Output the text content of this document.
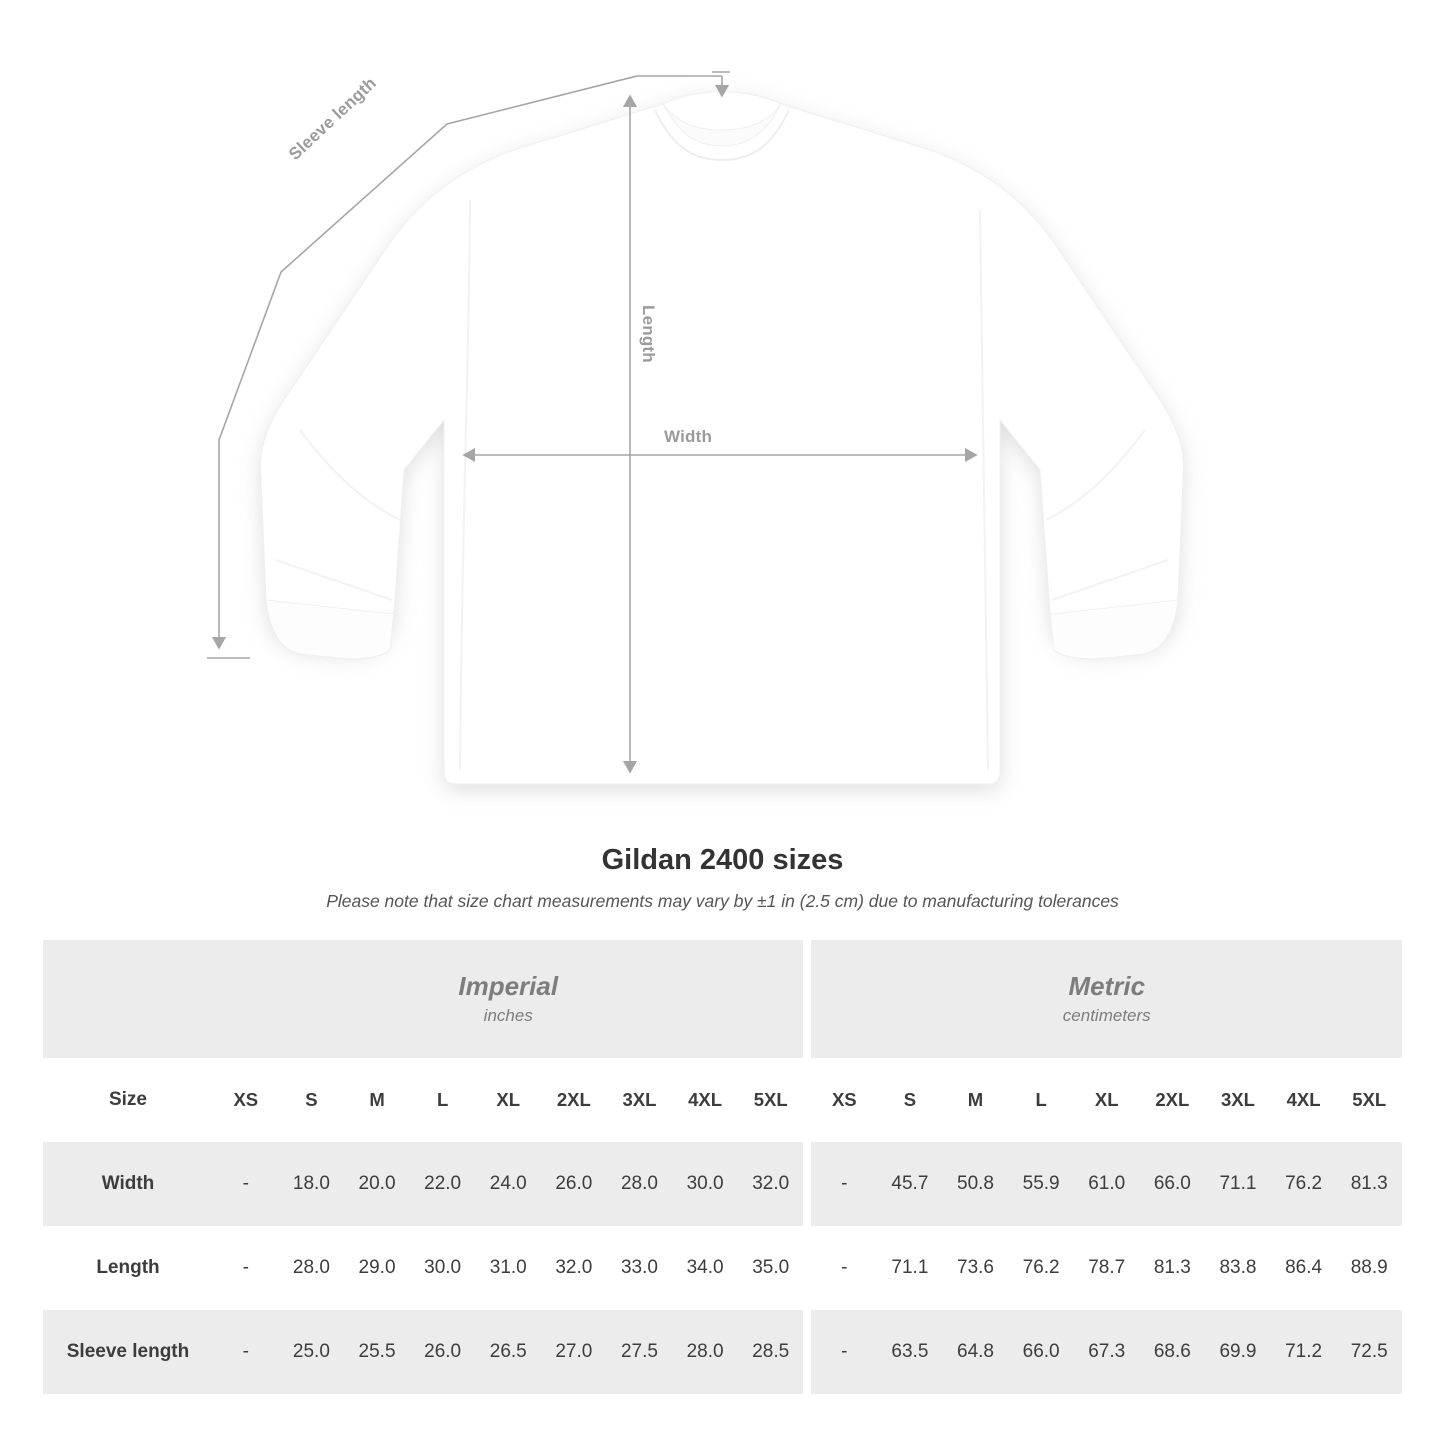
Sleeve length
Length
Width
Gildan 2400 sizes

Please note that size chart measurements may vary by ±1 in (2.5 cm) due to manufacturing tolerances

Imperial
inches

Metric
centimeters

Size	XS	S	M	L	XL	2XL	3XL	4XL	5XL		XS	S	M	L	XL	2XL	3XL	4XL	5XL
Width	-	18.0	20.0	22.0	24.0	26.0	28.0	30.0	32.0		-	45.7	50.8	55.9	61.0	66.0	71.1	76.2	81.3
Length	-	28.0	29.0	30.0	31.0	32.0	33.0	34.0	35.0		-	71.1	73.6	76.2	78.7	81.3	83.8	86.4	88.9
Sleeve length	-	25.0	25.5	26.0	26.5	27.0	27.5	28.0	28.5		-	63.5	64.8	66.0	67.3	68.6	69.9	71.2	72.5
